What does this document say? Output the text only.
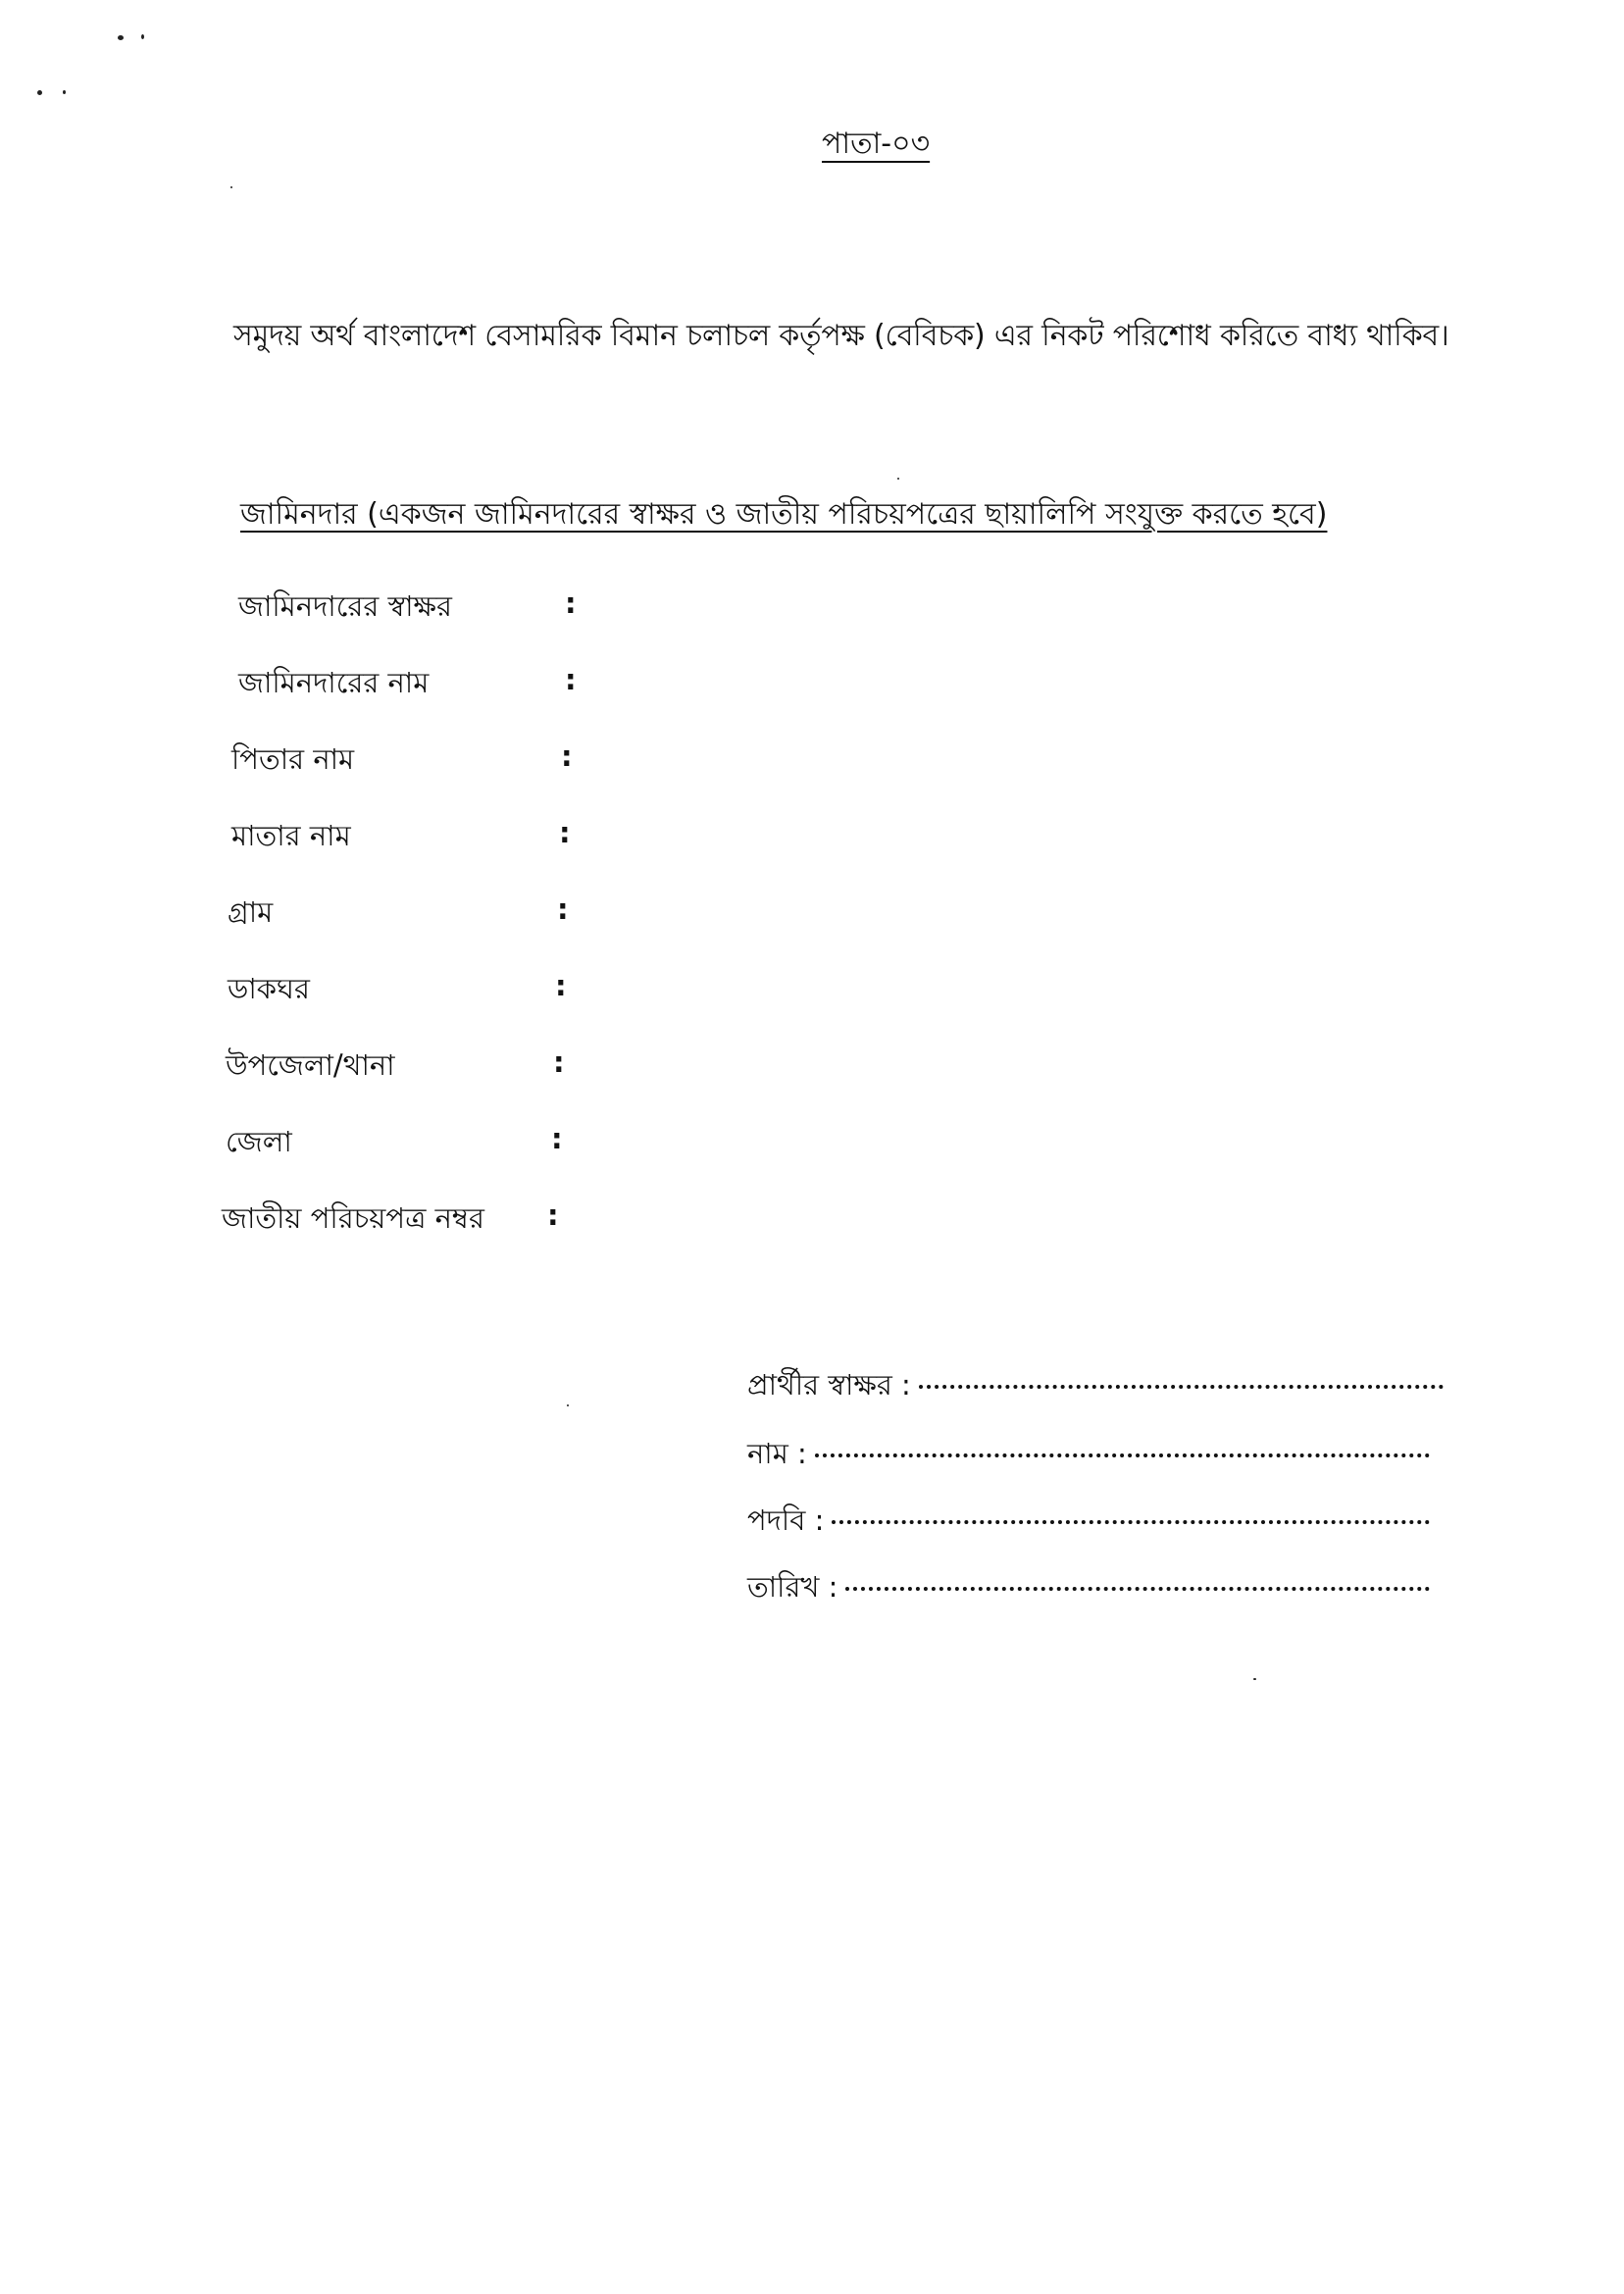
পাতা-০৩
সমুদয় অর্থ বাংলাদেশ বেসামরিক বিমান চলাচল কর্তৃপক্ষ (বেবিচক) এর নিকট পরিশোধ করিতে বাধ্য থাকিব।
জামিনদার (একজন জামিনদারের স্বাক্ষর ও জাতীয় পরিচয়পত্রের ছায়ালিপি সংযুক্ত করতে হবে)
জামিনদারের স্বাক্ষর	:
জামিনদারের নাম	:
পিতার নাম	:
মাতার নাম	:
গ্রাম	:
ডাকঘর	:
উপজেলা/থানা	:
জেলা	:
জাতীয় পরিচয়পত্র নম্বর :
প্রার্থীর স্বাক্ষর :
নাম :
পদবি :
তারিখ :
